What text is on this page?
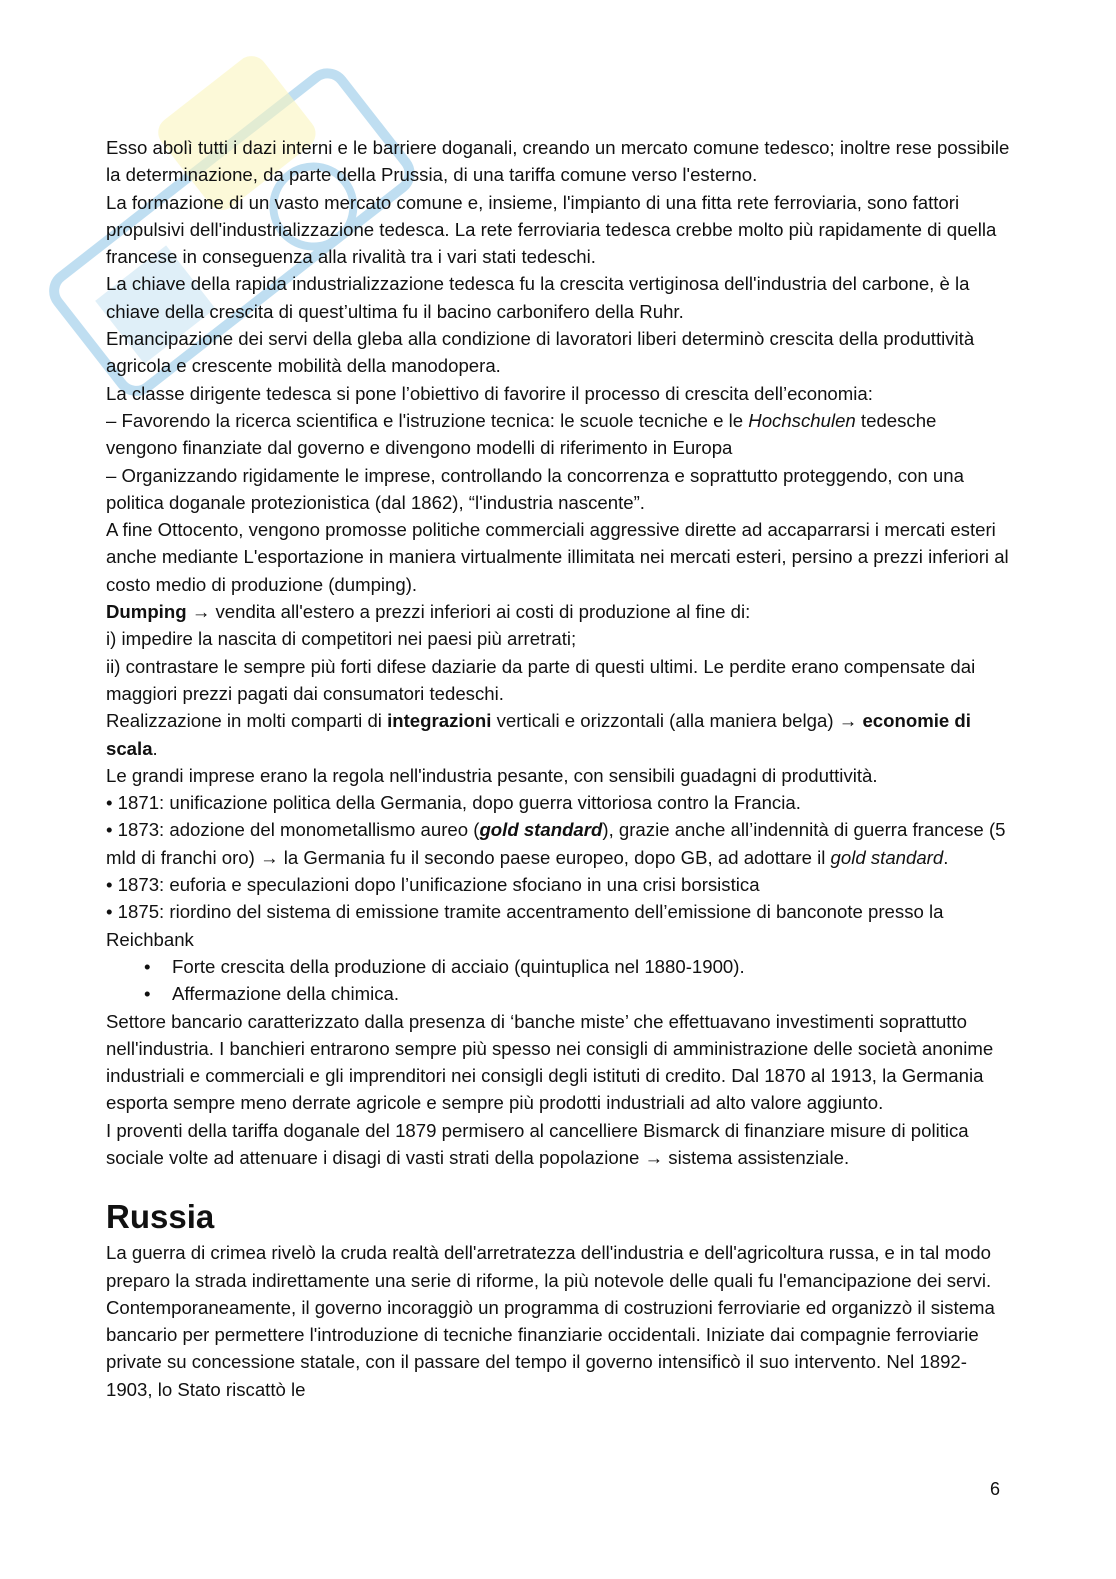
Esso abolì tutti i dazi interni e le barriere doganali, creando un mercato comune tedesco; inoltre rese possibile la determinazione, da parte della Prussia, di una tariffa comune verso l'esterno.

La formazione di un vasto mercato comune e, insieme, l'impianto di una fitta rete ferroviaria, sono fattori propulsivi dell'industrializzazione tedesca. La rete ferroviaria tedesca crebbe molto più rapidamente di quella francese in conseguenza alla rivalità tra i vari stati tedeschi.

La chiave della rapida industrializzazione tedesca fu la crescita vertiginosa dell'industria del carbone, è la chiave della crescita di quest’ultima fu il bacino carbonifero della Ruhr.

Emancipazione dei servi della gleba alla condizione di lavoratori liberi determinò crescita della produttività agricola e crescente mobilità della manodopera.

La classe dirigente tedesca si pone l’obiettivo di favorire il processo di crescita dell’economia:

– Favorendo la ricerca scientifica e l'istruzione tecnica: le scuole tecniche e le Hochschulen tedesche vengono finanziate dal governo e divengono modelli di riferimento in Europa

– Organizzando rigidamente le imprese, controllando la concorrenza e soprattutto proteggendo, con una politica doganale protezionistica (dal 1862), “l'industria nascente”.

A fine Ottocento, vengono promosse politiche commerciali aggressive dirette ad accaparrarsi i mercati esteri anche mediante L'esportazione in maniera virtualmente illimitata nei mercati esteri, persino a prezzi inferiori al costo medio di produzione (dumping).

Dumping → vendita all'estero a prezzi inferiori ai costi di produzione al fine di:

i) impedire la nascita di competitori nei paesi più arretrati;

ii) contrastare le sempre più forti difese daziarie da parte di questi ultimi. Le perdite erano compensate dai maggiori prezzi pagati dai consumatori tedeschi.

Realizzazione in molti comparti di integrazioni verticali e orizzontali (alla maniera belga) → economie di scala.

Le grandi imprese erano la regola nell'industria pesante, con sensibili guadagni di produttività.

• 1871: unificazione politica della Germania, dopo guerra vittoriosa contro la Francia.

• 1873: adozione del monometallismo aureo (gold standard), grazie anche all’indennità di guerra francese (5 mld di franchi oro) → la Germania fu il secondo paese europeo, dopo GB, ad adottare il gold standard.

• 1873: euforia e speculazioni dopo l’unificazione sfociano in una crisi borsistica

• 1875: riordino del sistema di emissione tramite accentramento dell’emissione di banconote presso la Reichbank

• Forte crescita della produzione di acciaio (quintuplica nel 1880-1900).
• Affermazione della chimica.

Settore bancario caratterizzato dalla presenza di ‘banche miste’ che effettuavano investimenti soprattutto nell'industria. I banchieri entrarono sempre più spesso nei consigli di amministrazione delle società anonime industriali e commerciali e gli imprenditori nei consigli degli istituti di credito. Dal 1870 al 1913, la Germania esporta sempre meno derrate agricole e sempre più prodotti industriali ad alto valore aggiunto.

I proventi della tariffa doganale del 1879 permisero al cancelliere Bismarck di finanziare misure di politica sociale volte ad attenuare i disagi di vasti strati della popolazione → sistema assistenziale.

Russia

La guerra di crimea rivelò la cruda realtà dell'arretratezza dell'industria e dell'agricoltura russa, e in tal modo preparo la strada indirettamente una serie di riforme, la più notevole delle quali fu l'emancipazione dei servi. Contemporaneamente, il governo incoraggiò un programma di costruzioni ferroviarie ed organizzò il sistema bancario per permettere l'introduzione di tecniche finanziarie occidentali. Iniziate dai compagnie ferroviarie private su concessione statale, con il passare del tempo il governo intensificò il suo intervento. Nel 1892-1903, lo Stato riscattò le

6
